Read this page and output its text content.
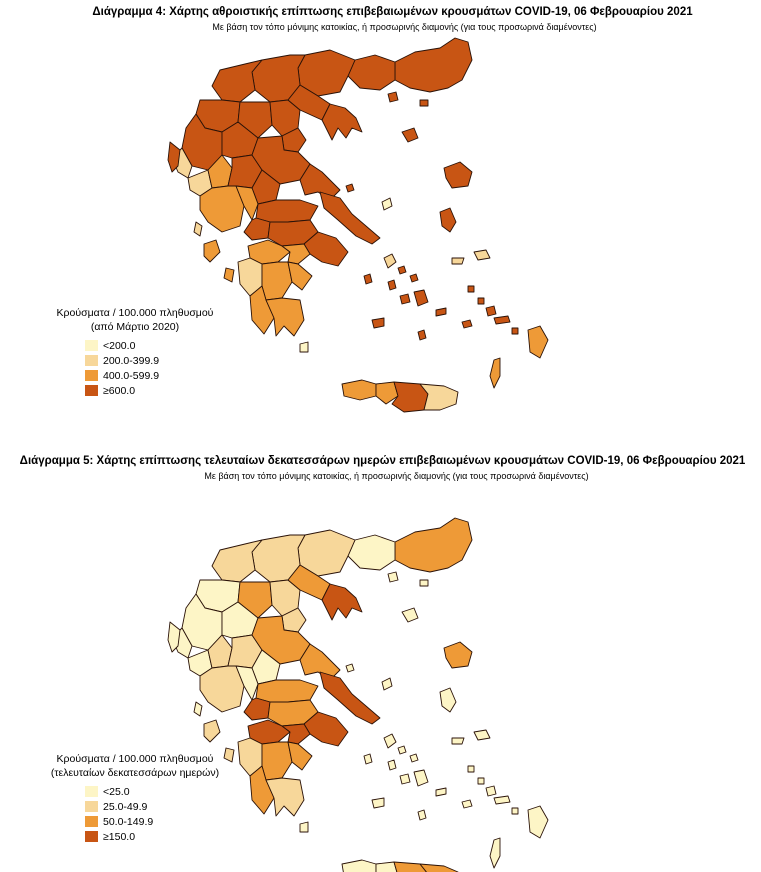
Διάγραμμα 4: Χάρτης αθροιστικής επίπτωσης επιβεβαιωμένων κρουσμάτων COVID-19, 06 Φεβρουαρίου 2021
Με βάση τον τόπο μόνιμης κατοικίας, ή προσωρινής διαμονής (για τους προσωρινά διαμένοντες)
Κρούσματα / 100.000 πληθυσμού
(από Μάρτιο 2020)
<200.0
200.0-399.9
400.0-599.9
≥600.0
Διάγραμμα 5: Χάρτης επίπτωσης τελευταίων δεκατεσσάρων ημερών επιβεβαιωμένων κρουσμάτων COVID-19, 06 Φεβρουαρίου 2021
Με βάση τον τόπο μόνιμης κατοικίας, ή προσωρινής διαμονής (για τους προσωρινά διαμένοντες)
Κρούσματα / 100.000 πληθυσμού
(τελευταίων δεκατεσσάρων ημερών)
<25.0
25.0-49.9
50.0-149.9
≥150.0
